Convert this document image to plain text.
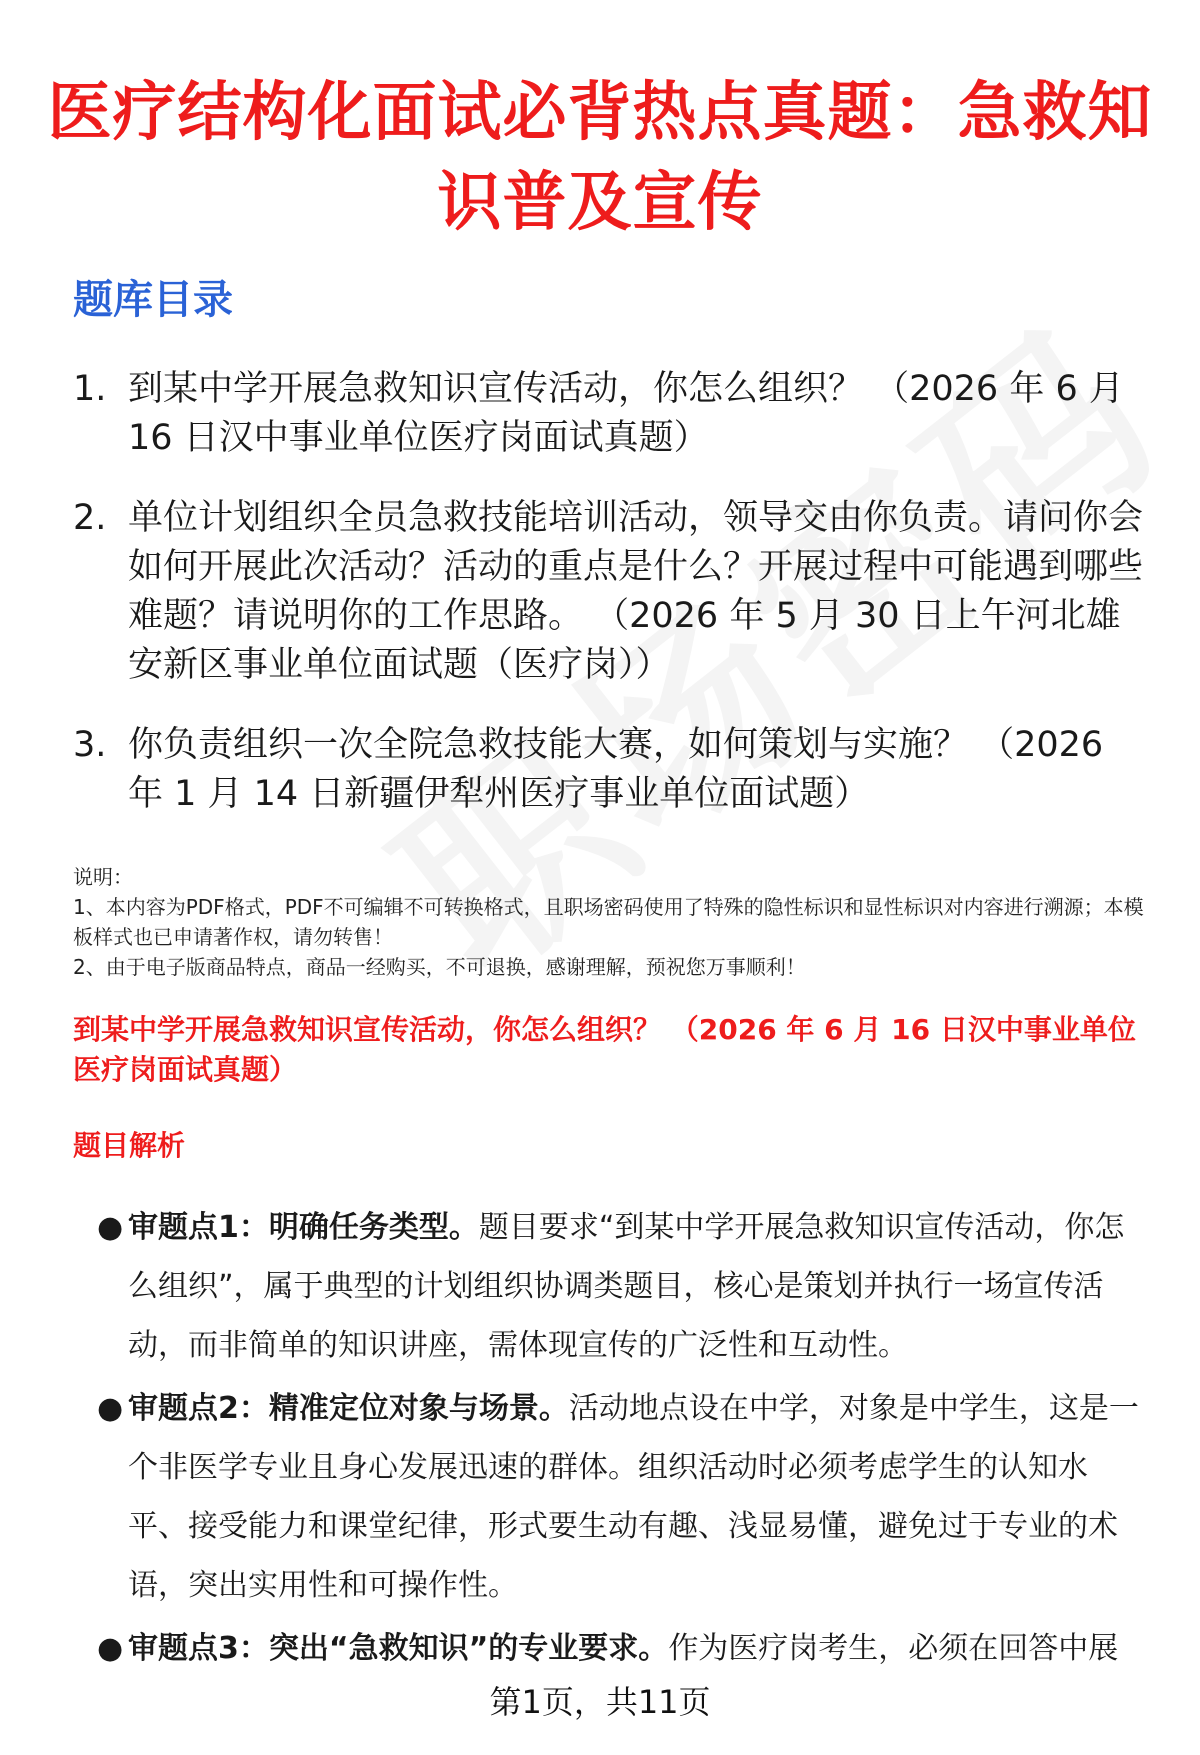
医疗结构化面试必背热点真题：急救知识普及宣传
题库目录
1. 到某中学开展急救知识宣传活动，你怎么组织？ （2026 年 6 月 16 日汉中事业单位医疗岗面试真题）
2. 单位计划组织全员急救技能培训活动，领导交由你负责。请问你会如何开展此次活动？活动的重点是什么？开展过程中可能遇到哪些难题？请说明你的工作思路。 （2026 年 5 月 30 日上午河北雄安新区事业单位面试题（医疗岗））
3. 你负责组织一次全院急救技能大赛，如何策划与实施？ （2026 年 1 月 14 日新疆伊犁州医疗事业单位面试题）

说明：

1、本内容为PDF格式，PDF不可编辑不可转换格式，且职场密码使用了特殊的隐性标识和显性标识对内容进行溯源；本模板样式也已申请著作权，请勿转售！

2、由于电子版商品特点，商品一经购买，不可退换，感谢理解，预祝您万事顺利！

到某中学开展急救知识宣传活动，你怎么组织？ （2026 年 6 月 16 日汉中事业单位医疗岗面试真题）
题目解析
● 审题点1：明确任务类型。题目要求“到某中学开展急救知识宣传活动，你怎么组织”，属于典型的计划组织协调类题目，核心是策划并执行一场宣传活动，而非简单的知识讲座，需体现宣传的广泛性和互动性。
● 审题点2：精准定位对象与场景。活动地点设在中学，对象是中学生，这是一个非医学专业且身心发展迅速的群体。组织活动时必须考虑学生的认知水平、接受能力和课堂纪律，形式要生动有趣、浅显易懂，避免过于专业的术语，突出实用性和可操作性。
● 审题点3：突出“急救知识”的专业要求。作为医疗岗考生，必须在回答中展
第1页，共11页
